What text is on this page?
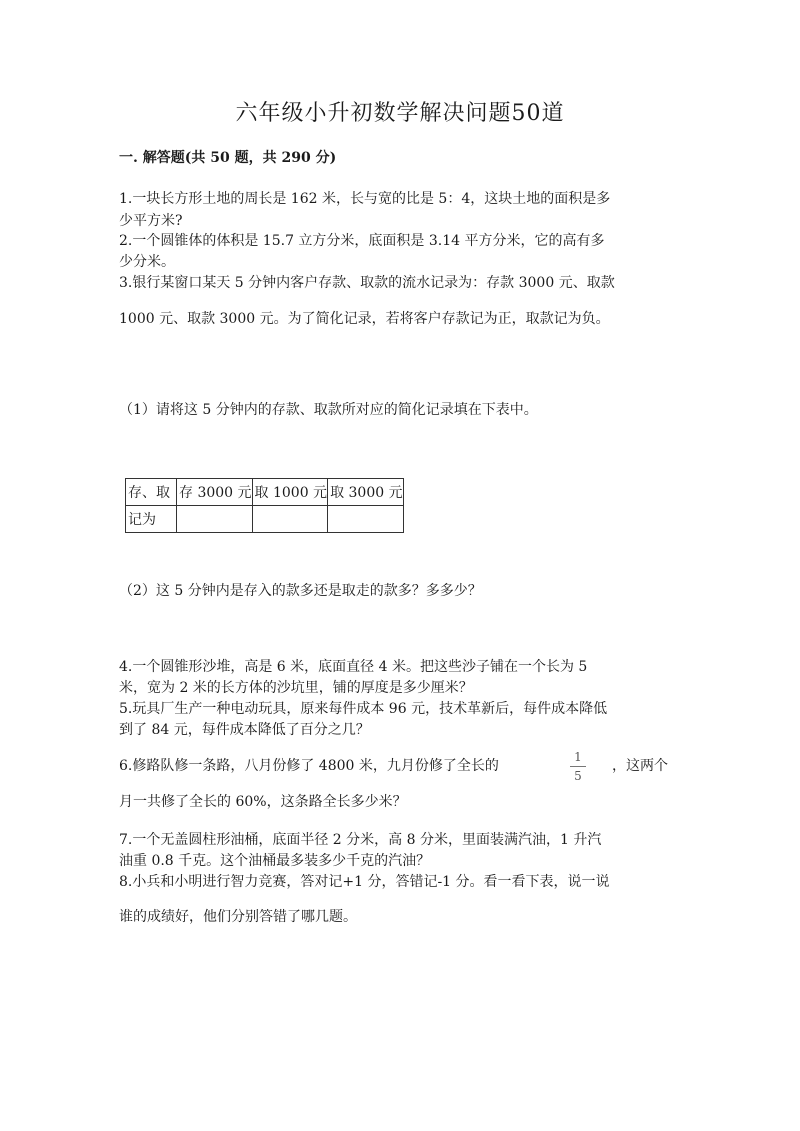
六年级小升初数学解决问题50道
一. 解答题(共 50 题，共 290 分)
1.一块长方形土地的周长是 162 米，长与宽的比是 5：4，这块土地的面积是多
少平方米?
2.一个圆锥体的体积是 15.7 立方分米，底面积是 3.14 平方分米，它的高有多
少分米。
3.银行某窗口某天 5 分钟内客户存款、取款的流水记录为：存款 3000 元、取款
1000 元、取款 3000 元。为了简化记录，若将客户存款记为正，取款记为负。
（1）请将这 5 分钟内的存款、取款所对应的简化记录填在下表中。
存、取	存 3000 元	取 1000 元	取 3000 元
记为			
（2）这 5 分钟内是存入的款多还是取走的款多？多多少？
4.一个圆锥形沙堆，高是 6 米，底面直径 4 米。把这些沙子铺在一个长为 5
米，宽为 2 米的长方体的沙坑里，铺的厚度是多少厘米？
5.玩具厂生产一种电动玩具，原来每件成本 96 元，技术革新后，每件成本降低
到了 84 元，每件成本降低了百分之几？
6.修路队修一条路，八月份修了 4800 米，九月份修了全长的
1
5
，这两个
月一共修了全长的 60%，这条路全长多少米？
7.一个无盖圆柱形油桶，底面半径 2 分米，高 8 分米，里面装满汽油，1 升汽
油重 0.8 千克。这个油桶最多装多少千克的汽油？
8.小兵和小明进行智力竞赛，答对记+1 分，答错记-1 分。看一看下表，说一说
谁的成绩好，他们分别答错了哪几题。
